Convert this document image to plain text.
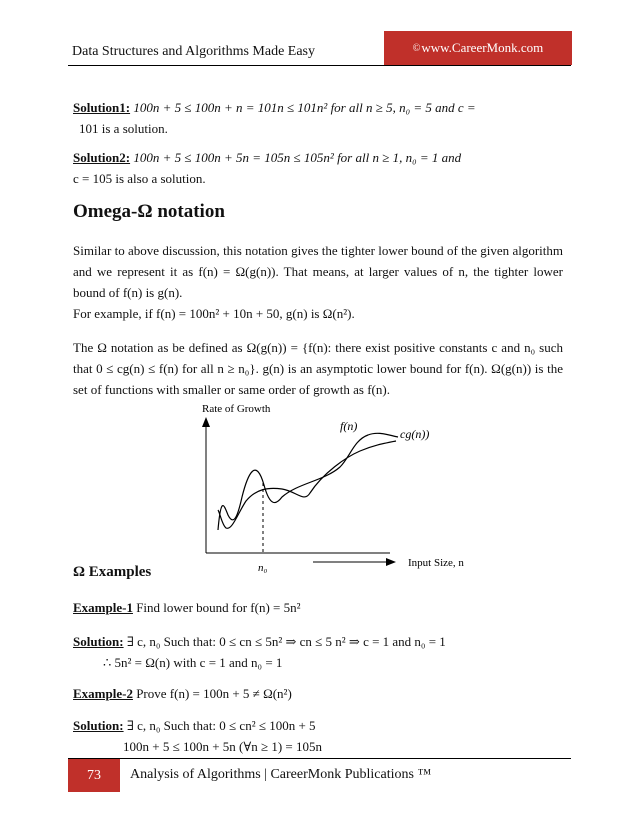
Data Structures and Algorithms Made Easy	© www.CareerMonk.com
Solution1: 100n + 5 ≤ 100n + n = 101n ≤ 101n² for all n ≥ 5, n₀ = 5 and c =
101 is a solution.
Solution2: 100n + 5 ≤ 100n + 5n = 105n ≤ 105n² for all n ≥ 1, n₀ = 1 and
c = 105 is also a solution.
Omega-Ω notation
Similar to above discussion, this notation gives the tighter lower bound of the given algorithm and we represent it as f(n) = Ω(g(n)). That means, at larger values of n, the tighter lower bound of f(n) is g(n).
For example, if f(n) = 100n² + 10n + 50, g(n) is Ω(n²).
The Ω notation as be defined as Ω(g(n)) = {f(n): there exist positive constants c and n₀ such that 0 ≤ cg(n) ≤ f(n) for all n ≥ n₀}. g(n) is an asymptotic lower bound for f(n). Ω(g(n)) is the set of functions with smaller or same order of growth as f(n).
Rate of Growth
Input Size, n
n₀
f(n)
cg(n))
Ω Examples
Example-1 Find lower bound for f(n) = 5n²
Solution: ∃ c, n₀ Such that: 0 ≤ cn ≤ 5n² ⇒ cn ≤ 5 n² ⇒ c = 1 and n₀ = 1
∴ 5n² = Ω(n) with c = 1 and n₀ = 1
Example-2 Prove f(n) = 100n + 5 ≠ Ω(n²)
Solution: ∃ c, n₀ Such that: 0 ≤ cn² ≤ 100n + 5
100n + 5 ≤ 100n + 5n (∀n ≥ 1) = 105n
73	Analysis of Algorithms | CareerMonk Publications ™
